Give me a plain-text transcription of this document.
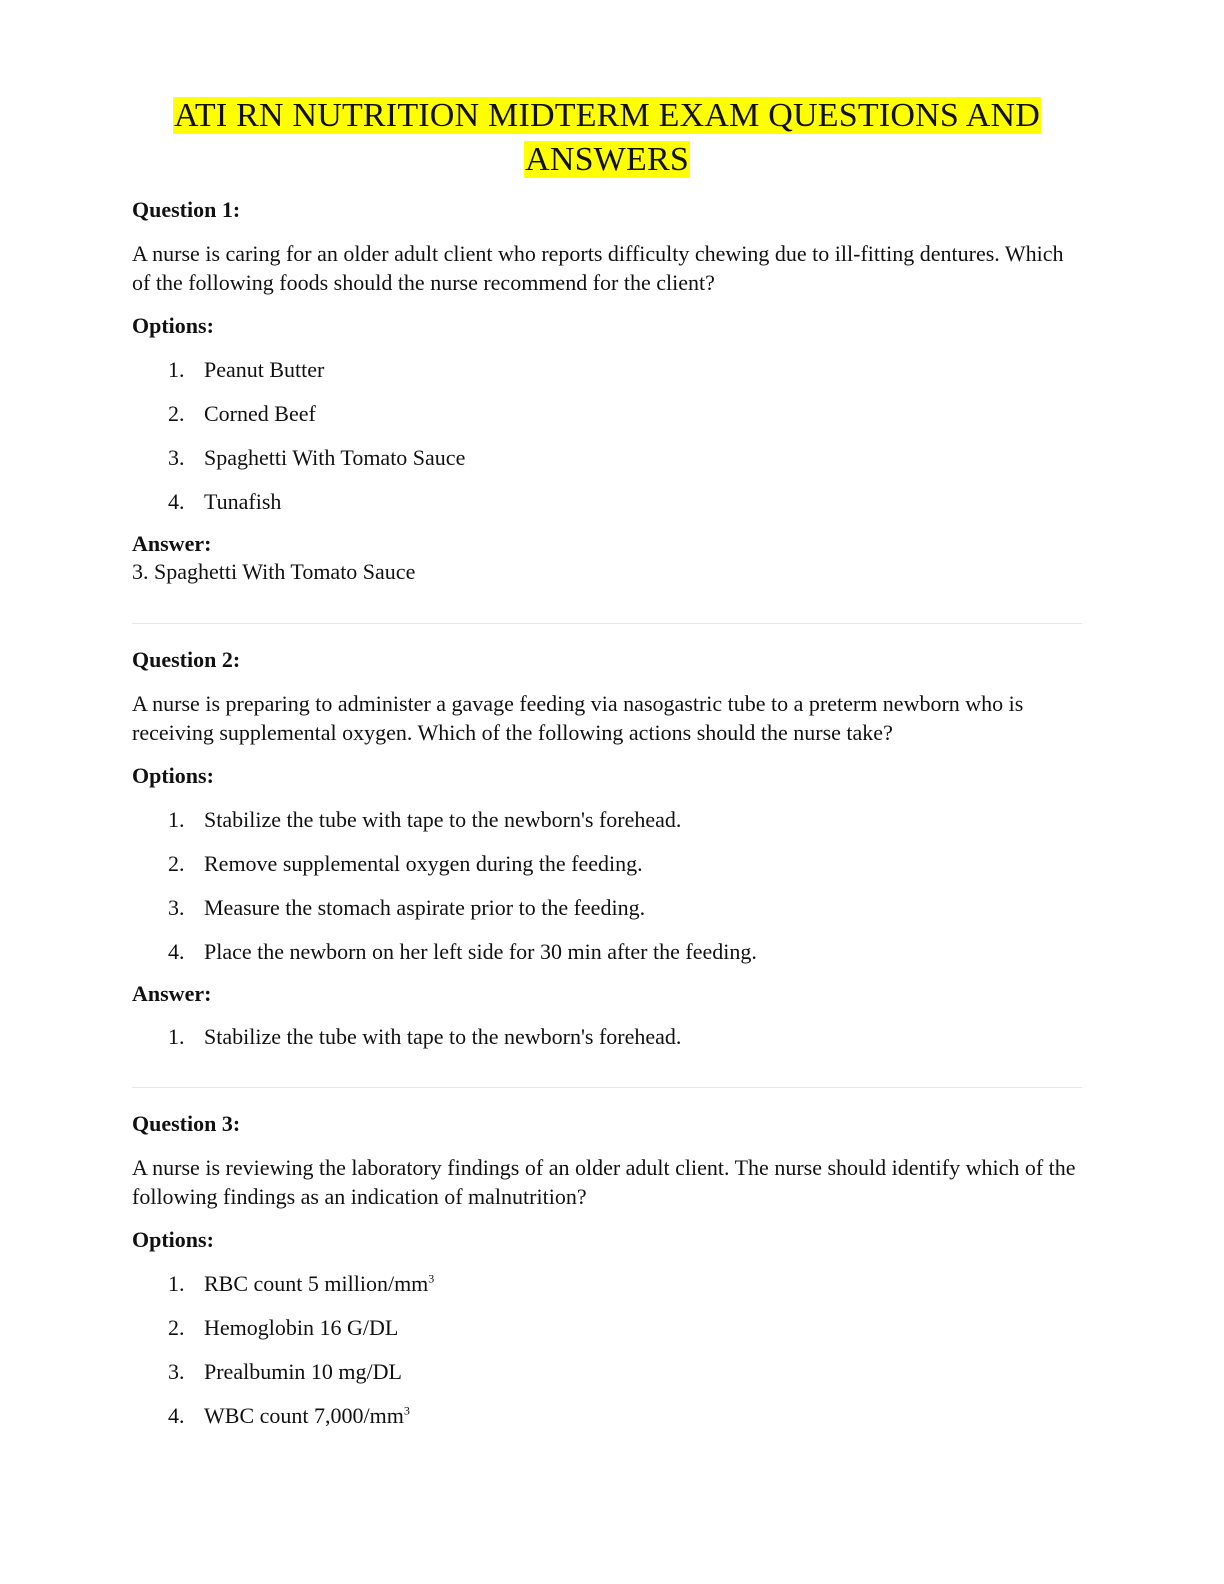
ATI RN NUTRITION MIDTERM EXAM QUESTIONS AND
ANSWERS
Question 1:
A nurse is caring for an older adult client who reports difficulty chewing due to ill-fitting dentures. Which of the following foods should the nurse recommend for the client?
Options:
1. Peanut Butter
2. Corned Beef
3. Spaghetti With Tomato Sauce
4. Tunafish
Answer:
3. Spaghetti With Tomato Sauce
Question 2:
A nurse is preparing to administer a gavage feeding via nasogastric tube to a preterm newborn who is receiving supplemental oxygen. Which of the following actions should the nurse take?
Options:
1. Stabilize the tube with tape to the newborn's forehead.
2. Remove supplemental oxygen during the feeding.
3. Measure the stomach aspirate prior to the feeding.
4. Place the newborn on her left side for 30 min after the feeding.
Answer:
1. Stabilize the tube with tape to the newborn's forehead.
Question 3:
A nurse is reviewing the laboratory findings of an older adult client. The nurse should identify which of the following findings as an indication of malnutrition?
Options:
1. RBC count 5 million/$mm^3$
2. Hemoglobin 16 G/DL
3. Prealbumin 10 mg/DL
4. WBC count $7,000/mm^3$
